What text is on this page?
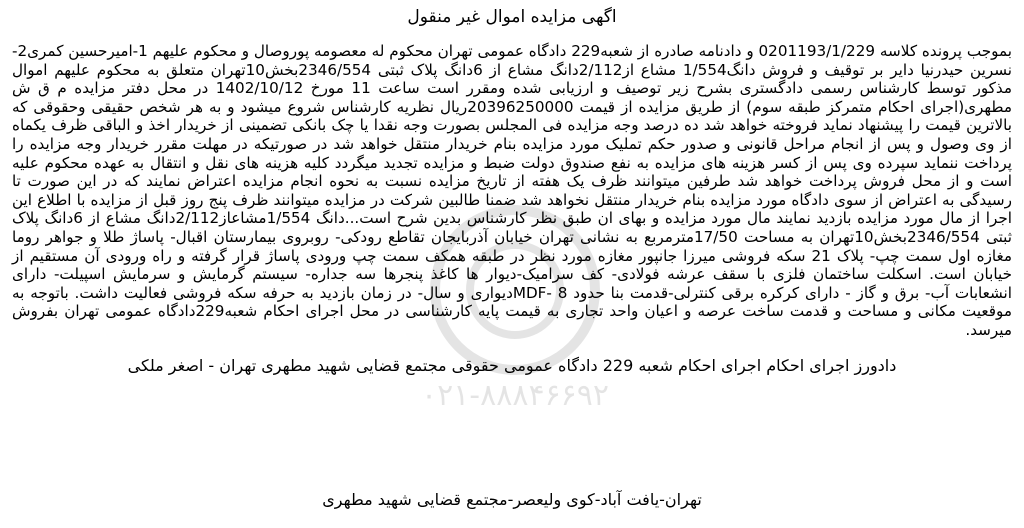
اگهی مزایده اموال غیر منقول

بموجب پرونده کلاسه 0201193/1/229 و دادنامه صادره از شعبه229 دادگاه عمومی تهران محکوم له معصومه پوروصال و محکوم علیهم 1-امیرحسین کمری2-نسرین حیدرنیا دایر بر توقیف و فروش دانگ1/554 مشاع از2/112دانگ مشاع از 6دانگ پلاک ثبتی 2346/554بخش10تهران متعلق به محکوم علیهم اموال مذکور توسط کارشناس رسمی دادگستری بشرح زیر توصیف و ارزیابی شده ومقرر است ساعت 11 مورخ 1402/10/12 در محل دفتر مزایده م ق ش مطهری(اجرای احکام متمرکز طبقه سوم) از طریق مزایده از قیمت 20396250000ریال نظریه کارشناس شروع میشود و به هر شخص حقیقی وحقوقی که بالاترین قیمت را پیشنهاد نماید فروخته خواهد شد ده درصد وجه مزایده فی المجلس بصورت وجه نقدا یا چک بانکی تضمینی از خریدار اخذ و الباقی ظرف یکماه از وی وصول و پس از انجام مراحل قانونی و صدور حکم تملیک مورد مزایده بنام خریدار منتقل خواهد شد در صورتیکه در مهلت مقرر خریدار وجه مزایده را پرداخت ننماید سپرده وی پس از کسر هزینه های مزایده به نفع صندوق دولت ضبط و مزایده تجدید میگردد کلیه هزینه های نقل و انتقال به عهده محکوم علیه است و از محل فروش پرداخت خواهد شد طرفین میتوانند ظرف یک هفته از تاریخ مزایده نسبت به نحوه انجام مزایده اعتراض نمایند که در این صورت تا رسیدگی به اعتراض از سوی دادگاه مورد مزایده بنام خریدار منتقل نخواهد شد ضمنا طالبین شرکت در مزایده میتوانند ظرف پنج روز قبل از مزایده با اطلاع این اجرا از مال مورد مزایده بازدید نمایند مال مورد مزایده و بهای ان طبق نظر کارشناس بدین شرح است...دانگ 1/554مشاعاز2/112دانگ مشاع از 6دانگ پلاک ثبتی 2346/554بخش10تهران به مساحت 17/50مترمربع به نشانی تهران خیابان آذربایجان تقاطع رودکی- روبروی بیمارستان اقبال- پاساژ طلا و جواهر روما مغازه اول سمت چپ- پلاک 21 سکه فروشی میرزا جانپور مغازه مورد نظر در طبقه همکف سمت چپ ورودی پاساژ قرار گرفته و راه ورودی آن مستقیم از خیابان است. اسکلت ساختمان فلزی با سقف عرشه فولادی- کف سرامیک-دیوار ها کاغذ پنجرها سه جداره- سیستم گرمایش و سرمایش اسپیلت- دارای انشعابات آب- برق و گاز - دارای کرکره برقی کنترلی-قدمت بنا حدود 8 -MDFدیواری و سال- در زمان بازدید به حرفه سکه فروشی فعالیت داشت. باتوجه به موقعیت مکانی و مساحت و قدمت ساخت عرصه و اعیان واحد تجاری به قیمت پایه کارشناسی در محل اجرای احکام شعبه229دادگاه عمومی تهران بفروش میرسد.

دادورز اجرای احکام اجرای احکام شعبه 229 دادگاه عمومی حقوقی مجتمع قضایی شهید مطهری تهران - اصغر ملکی
۰۲۱-۸۸۸۴۶۶۹۲
تهران-یافت آباد-کوی ولیعصر-مجتمع قضایی شهید مطهری
